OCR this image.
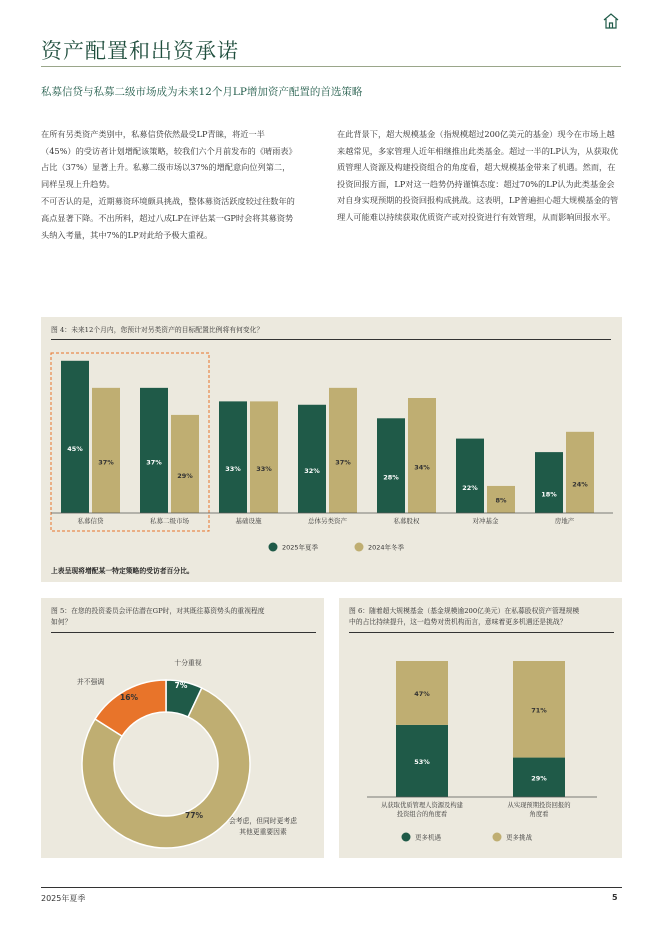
资产配置和出资承诺
私募信贷与私募二级市场成为未来12个月LP增加资产配置的首选策略

在所有另类资产类别中，私募信贷依然最受LP青睐，将近一半（45%）的受访者计划增配该策略，较我们六个月前发布的《晴雨表》占比（37%）显著上升。私募二级市场以37%的增配意向位列第二，同样呈现上升趋势。

不可否认的是，近期募资环境颇具挑战，整体募资活跃度较过往数年的高点显著下降。不出所料，超过八成LP在评估某一GP时会将其募资势头纳入考量，其中7%的LP对此给予极大重视。

在此背景下，超大规模基金（指规模超过200亿美元的基金）现今在市场上越来越常见，多家管理人近年相继推出此类基金。超过一半的LP认为，从获取优质管理人资源及构建投资组合的角度看，超大规模基金带来了机遇。然而，在投资回报方面，LP对这一趋势仍持谨慎态度：超过70%的LP认为此类基金会对自身实现预期的投资回报构成挑战。这表明，LP普遍担心超大规模基金的管理人可能难以持续获取优质资产或对投资进行有效管理，从而影响回报水平。

图 4：未来12个月内，您预计对另类资产的目标配置比例将有何变化？
45%
37%
私募信贷
37%
29%
私募二级市场
33% 33%
基础设施
32%
37%
总体另类资产
28%
34%
私募股权
22%
8%
对冲基金
18%
24%
房地产
2025年夏季	2024年冬季
上表呈现将增配某一特定策略的受访者百分比。
图 5：在您的投资委员会评估潜在GP时，对其既往募资势头的重视程度
如何？
7%
77%
16%
十分重视
并不强调
会考虑，但同时更考虑
其他更重要因素
图 6：随着超大规模基金（基金规模逾200亿美元）在私募股权资产管理规模
中的占比持续提升，这一趋势对贵机构而言，意味着更多机遇还是挑战？
53%
47%
从获取优质管理人资源及构建
投资组合的角度看
29%
71%
从实现预期投资回报的
角度看
更多机遇	更多挑战
2025年夏季	5
